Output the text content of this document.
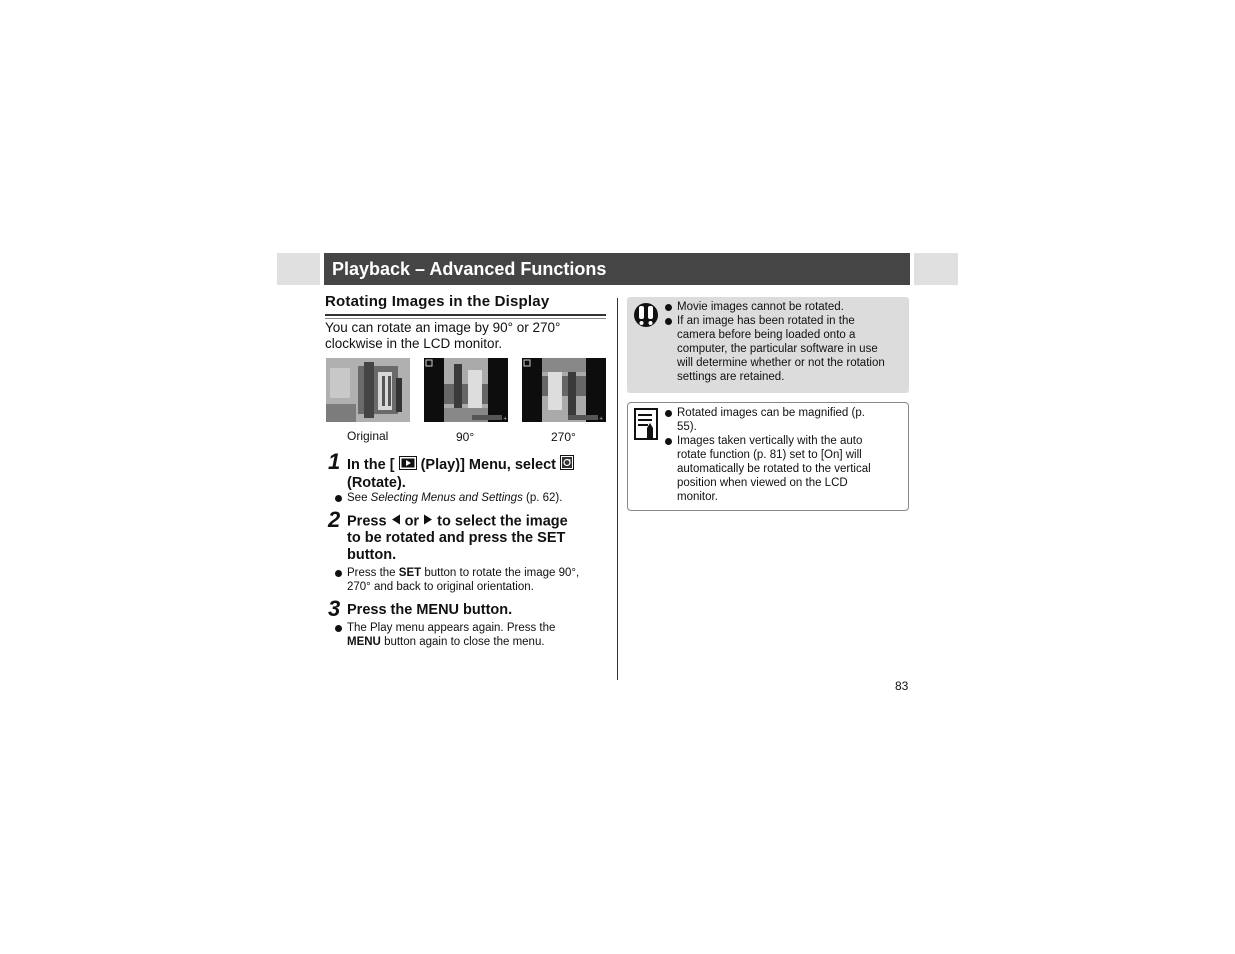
Playback – Advanced Functions
Rotating Images in the Display
You can rotate an image by 90° or 270°
clockwise in the LCD monitor.
+	+
Original	90°	270°
1 In the [ (Play)] Menu, select
(Rotate).
See Selecting Menus and Settings (p. 62).
2 Press or to select the image
to be rotated and press the SET
button.
Press the SET button to rotate the image 90°,
270° and back to original orientation.
3 Press the MENU button.
The Play menu appears again. Press the
MENU button again to close the menu.
Movie images cannot be rotated.
If an image has been rotated in the
camera before being loaded onto a
computer, the particular software in use
will determine whether or not the rotation
settings are retained.
Rotated images can be magnified (p.
55).
Images taken vertically with the auto
rotate function (p. 81) set to [On] will
automatically be rotated to the vertical
position when viewed on the LCD
monitor.
83
